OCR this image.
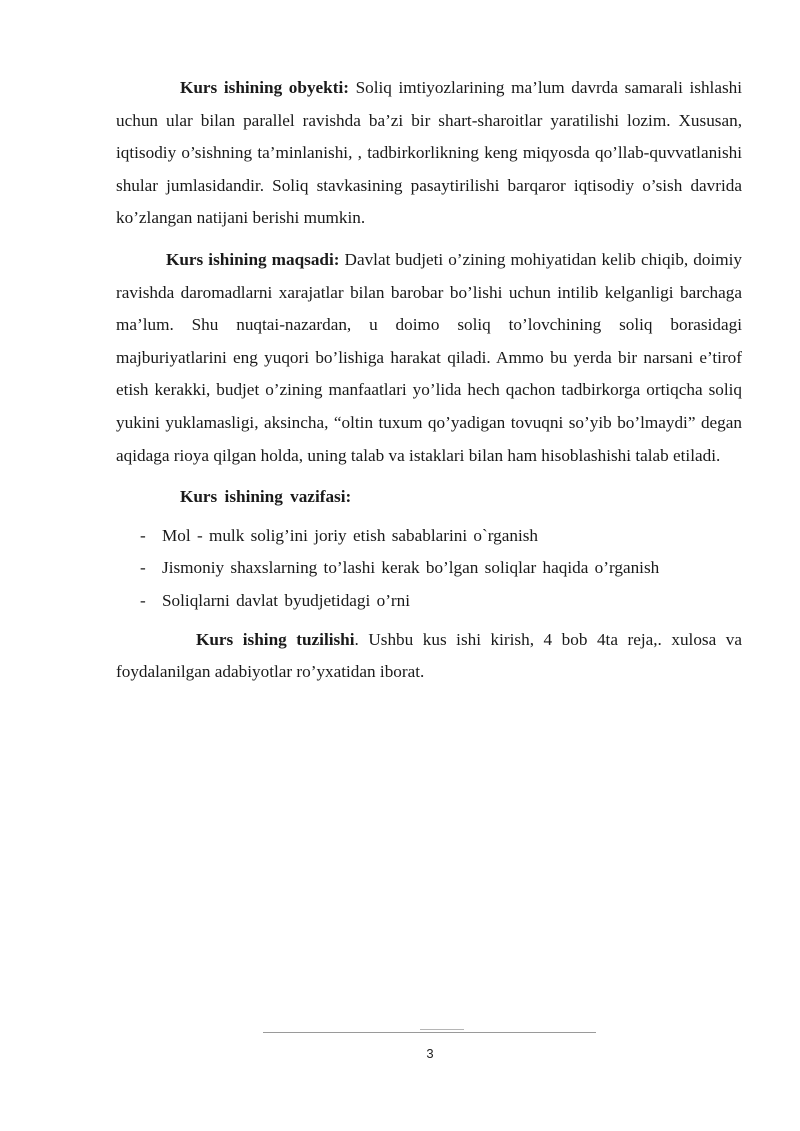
Kurs ishining obyekti: Soliq imtiyozlarining ma’lum davrda samarali ishlashi uchun ular bilan parallel ravishda ba’zi bir shart-sharoitlar yaratilishi lozim. Xususan, iqtisodiy o’sishning ta’minlanishi, , tadbirkorlikning keng miqyosda qo’llab-quvvatlanishi shular jumlasidandir. Soliq stavkasining pasaytirilishi barqaror iqtisodiy o’sish davrida ko’zlangan natijani berishi mumkin.

Kurs ishining maqsadi: Davlat budjeti o’zining mohiyatidan kelib chiqib, doimiy ravishda daromadlarni xarajatlar bilan barobar bo’lishi uchun intilib kelganligi barchaga ma’lum. Shu nuqtai-nazardan, u doimo soliq to’lovchining soliq borasidagi majburiyatlarini eng yuqori bo’lishiga harakat qiladi. Ammo bu yerda bir narsani e’tirof etish kerakki, budjet o’zining manfaatlari yo’lida hech qachon tadbirkorga ortiqcha soliq yukini yuklamasligi, aksincha, “oltin tuxum qo’yadigan tovuqni so’yib bo’lmaydi” degan aqidaga rioya qilgan holda, uning talab va istaklari bilan ham hisoblashishi talab etiladi.

Kurs ishining vazifasi:

- Mol - mulk solig’ini joriy etish sabablarini o`rganish
- Jismoniy shaxslarning to’lashi kerak bo’lgan soliqlar haqida o’rganish
- Soliqlarni davlat byudjetidagi o’rni

Kurs ishing tuzilishi. Ushbu kus ishi kirish, 4 bob 4ta reja,. xulosa va foydalanilgan adabiyotlar ro’yxatidan iborat.

3
